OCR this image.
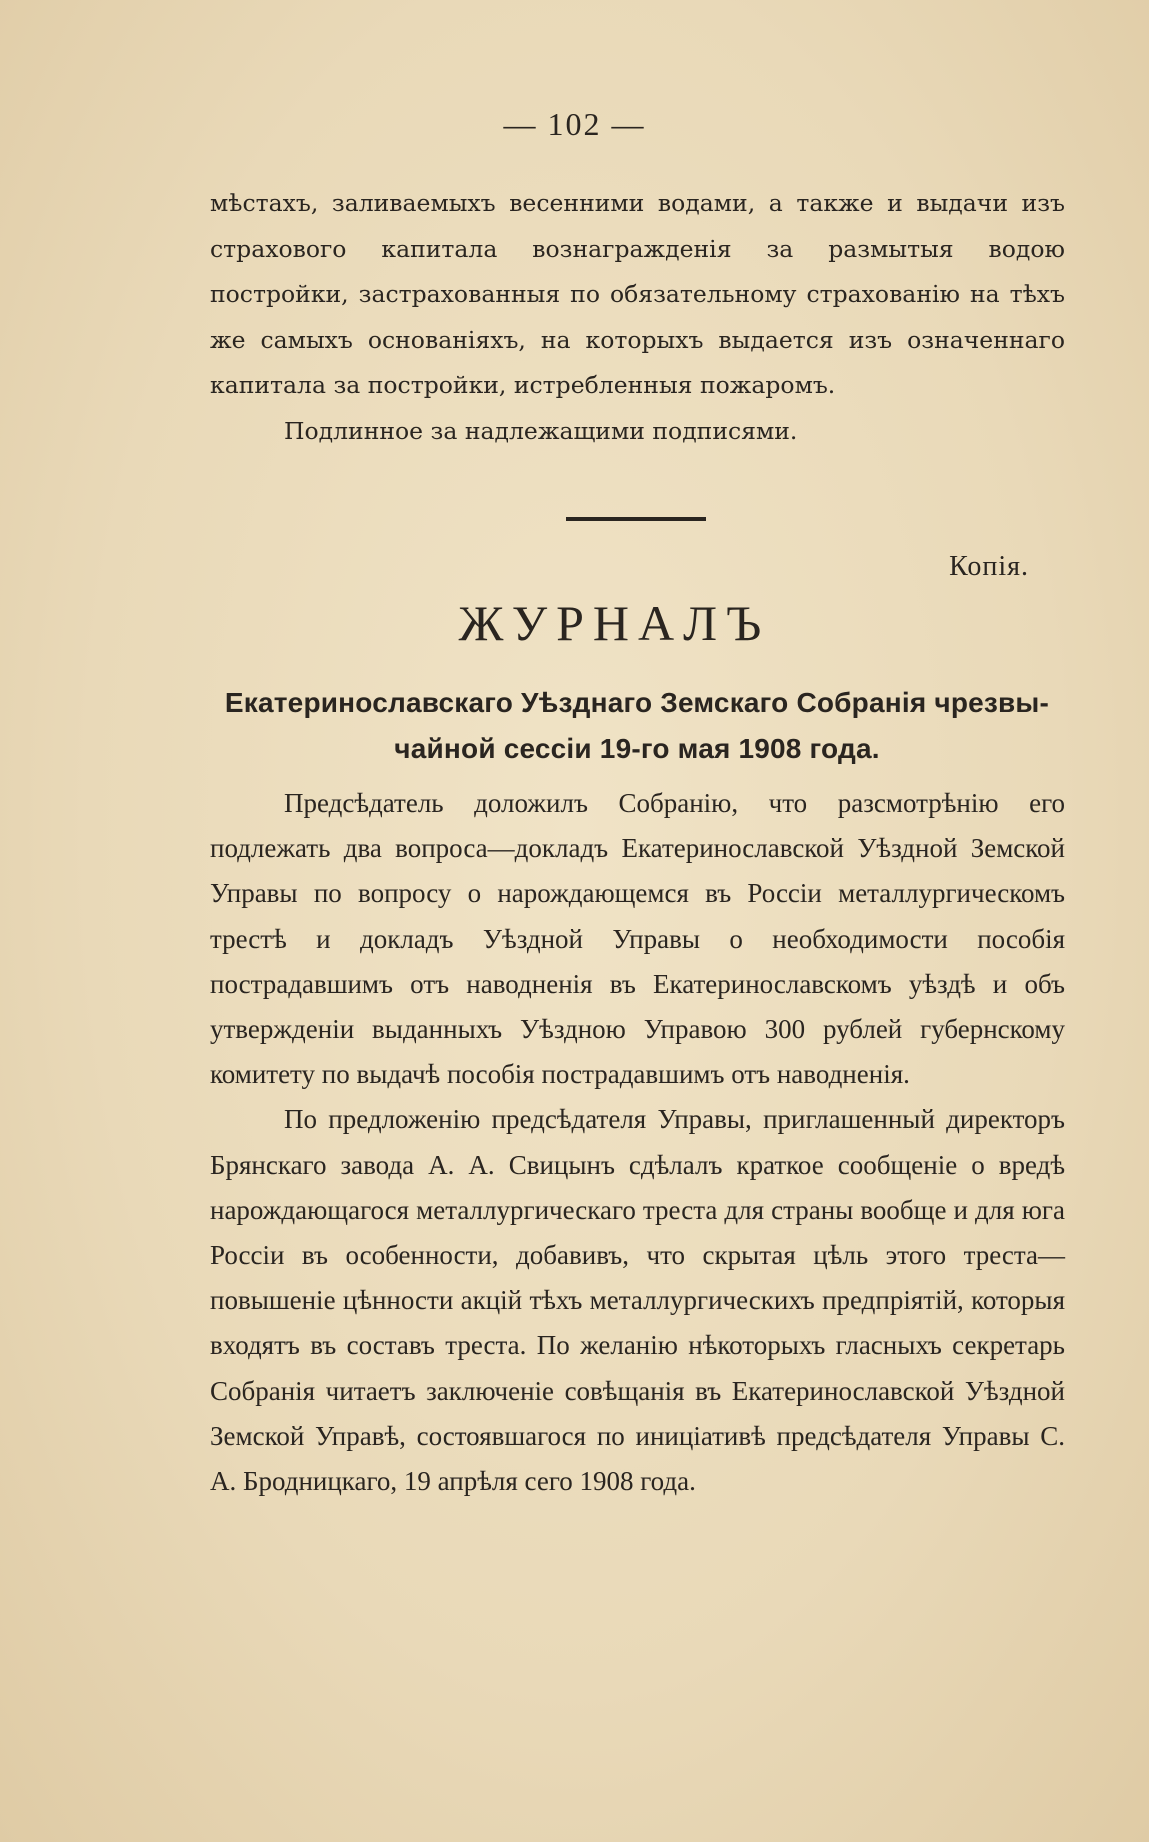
— 102 —

мѣстахъ, заливаемыхъ весенними водами, а также и выдачи изъ страхового капитала вознагражденія за размытыя водою постройки, застрахованныя по обязательному страхованію на тѣхъ же самыхъ основаніяхъ, на которыхъ выдается изъ означеннаго капитала за постройки, истребленныя пожаромъ.

Подлинное за надлежащими подписями.

Копія.
ЖУРНАЛЪ
Екатеринославскаго Уѣзднаго Земскаго Собранія чрезвы-
чайной сессіи 19-го мая 1908 года.

Предсѣдатель доложилъ Собранію, что разсмотрѣнію его подлежать два вопроса—докладъ Екатеринославской Уѣздной Земской Управы по вопросу о нарождающемся въ Россіи металлургическомъ трестѣ и докладъ Уѣздной Управы о необходимости пособія пострадавшимъ отъ наводненія въ Екатеринославскомъ уѣздѣ и объ утвержденіи выданныхъ Уѣздною Управою 300 рублей губернскому комитету по выдачѣ пособія пострадавшимъ отъ наводненія.

По предложенію предсѣдателя Управы, приглашенный директоръ Брянскаго завода А. А. Свицынъ сдѣлалъ краткое сообщеніе о вредѣ нарождающагося металлургическаго треста для страны вообще и для юга Россіи въ особенности, добавивъ, что скрытая цѣль этого треста—повышеніе цѣнности акцій тѣхъ металлургическихъ предпріятій, которыя входятъ въ составъ треста. По желанію нѣкоторыхъ гласныхъ секретарь Собранія читаетъ заключеніе совѣщанія въ Екатеринославской Уѣздной Земской Управѣ, состоявшагося по иниціативѣ предсѣдателя Управы С. А. Бродницкаго, 19 апрѣля сего 1908 года.
